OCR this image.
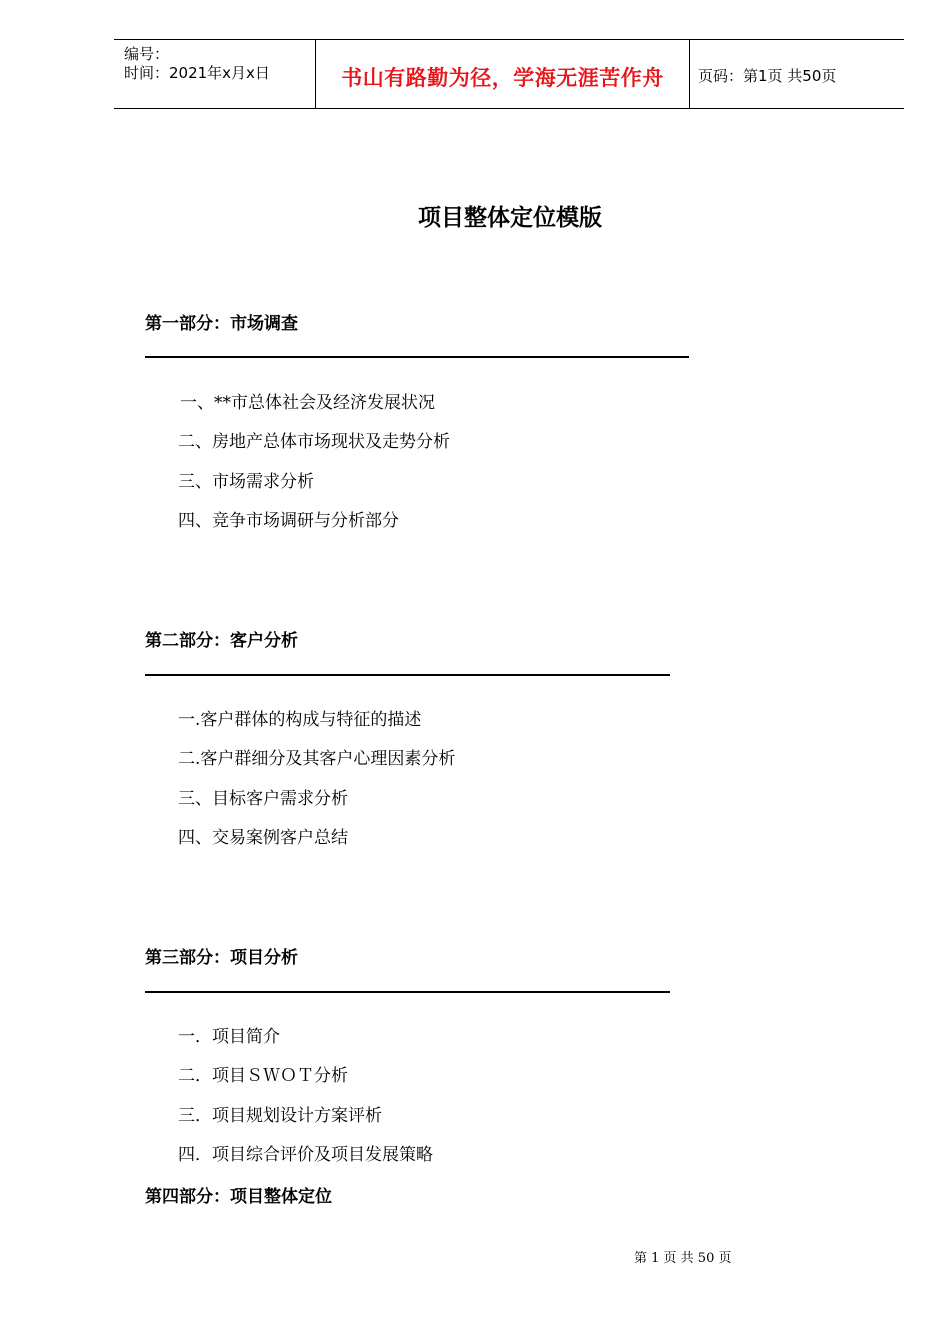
编号：
时间：2021年x月x日	书山有路勤为径，学海无涯苦作舟	页码：第1页 共50页
项目整体定位模版
第一部分：市场调查
一、**市总体社会及经济发展状况
二、房地产总体市场现状及走势分析
三、市场需求分析
四、竞争市场调研与分析部分
第二部分：客户分析
一.客户群体的构成与特征的描述
二.客户群细分及其客户心理因素分析
三、目标客户需求分析
四、交易案例客户总结
第三部分：项目分析
一．项目简介
二．项目ＳＷＯＴ分析
三．项目规划设计方案评析
四．项目综合评价及项目发展策略
第四部分：项目整体定位
第 1 页 共 50 页
